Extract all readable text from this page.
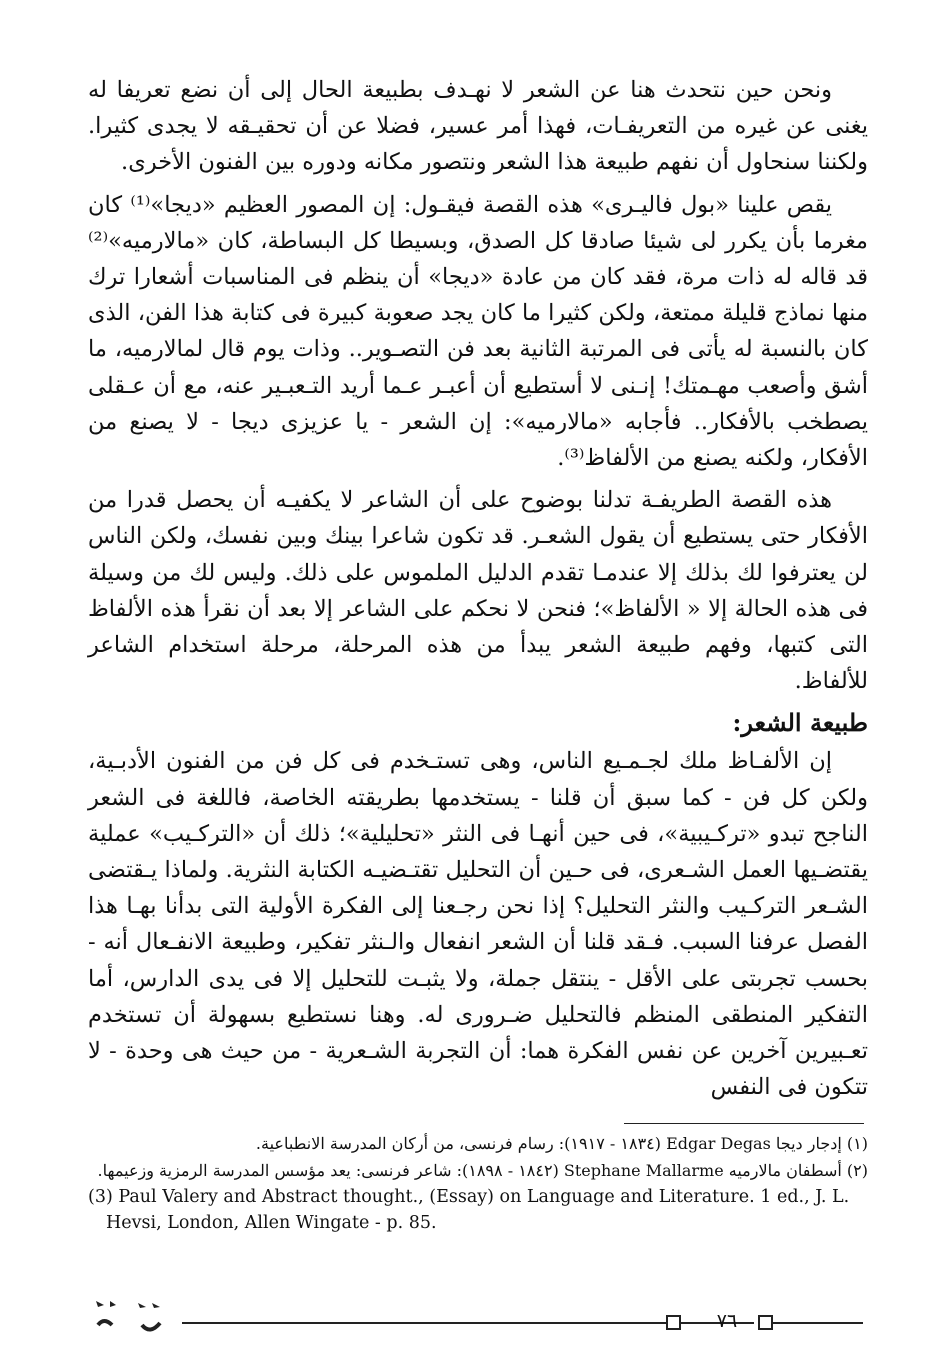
ونحن حين نتحدث هنا عن الشعر لا نهـدف بطبيعة الحال إلى أن نضع تعريفا له يغنى عن غيره من التعريفـات، فهذا أمر عسير، فضلا عن أن تحقيـقه لا يجدى كثيرا. ولكننا سنحاول أن نفهم طبيعة هذا الشعر ونتصور مكانه ودوره بين الفنون الأخرى.

يقص علينا «بول فاليـرى» هذه القصة فيقـول: إن المصور العظيم «ديجا»⁽¹⁾ كان مغرما بأن يكرر لى شيئا صادقا كل الصدق، وبسيطا كل البساطة، كان «مالارميه»⁽²⁾ قد قاله له ذات مرة، فقد كان من عادة «ديجا» أن ينظم فى المناسبات أشعارا ترك منها نماذج قليلة ممتعة، ولكن كثيرا ما كان يجد صعوبة كبيرة فى كتابة هذا الفن، الذى كان بالنسبة له يأتى فى المرتبة الثانية بعد فن التصـوير.. وذات يوم قال لمالارميه، ما أشق وأصعب مهـمتك! إنـنى لا أستطيع أن أعبـر عـما أريد التـعبـير عنه، مع أن عـقلى يصطخب بالأفكار.. فأجابه «مالارميه»: إن الشعر - يا عزيزى ديجا - لا يصنع من الأفكار، ولكنه يصنع من الألفاظ⁽³⁾.

هذه القصة الطريفـة تدلنا بوضوح على أن الشاعر لا يكفيـه أن يحصل قدرا من الأفكار حتى يستطيع أن يقول الشعـر. قد تكون شاعرا بينك وبين نفسك، ولكن الناس لن يعترفوا لك بذلك إلا عندمـا تقدم الدليل الملموس على ذلك. وليس لك من وسيلة فى هذه الحالة إلا « الألفاظ»؛ فنحن لا نحكم على الشاعر إلا بعد أن نقرأ هذه الألفاظ التى كتبها، وفهم طبيعة الشعر يبدأ من هذه المرحلة، مرحلة استخدام الشاعر للألفاظ.

طبيعة الشعر:

إن الألفـاظ ملك لجـمـيع الناس، وهى تستـخدم فى كل فن من الفنون الأدبـية، ولكن كل فن - كما سبق أن قلنا - يستخدمها بطريقته الخاصة، فاللغة فى الشعر الناجح تبدو «تركـيبية»، فى حين أنهـا فى النثر «تحليلية»؛ ذلك أن «التركـيب» عملية يقتضـيها العمل الشـعرى، فى حـين أن التحليل تقتـضيـه الكتابة النثرية. ولماذا يـقتضى الشـعر التركـيب والنثر التحليل؟ إذا نحن رجـعنا إلى الفكرة الأولية التى بدأنا بهـا هذا الفصل عرفنا السبب. فـقد قلنا أن الشعر انفعال والـنثر تفكير، وطبيعة الانفـعال أنه - بحسب تجربتى على الأقل - ينتقل جملة، ولا يثبـت للتحليل إلا فى يدى الدارس، أما التفكير المنطقى المنظم فالتحليل ضـرورى له. وهنا نستطيع بسهولة أن تستخدم تعـبيرين آخرين عن نفس الفكرة هما: أن التجربة الشـعرية - من حيث هى وحدة - لا تتكون فى النفس

(١) إدجار ديجا Edgar Degas (١٨٣٤ - ١٩١٧): رسام فرنسى، من أركان المدرسة الانطباعية.

(٢) أسطفان مالارميه Stephane Mallarme (١٨٤٢ - ١٨٩٨): شاعر فرنسى: يعد مؤسس المدرسة الرمزية وزعيمها.

(3) Paul Valery and Abstract thought., (Essay) on Language and Literature. 1 ed., J. L.
Hevsi, London, Allen Wingate - p. 85.

٧٦
